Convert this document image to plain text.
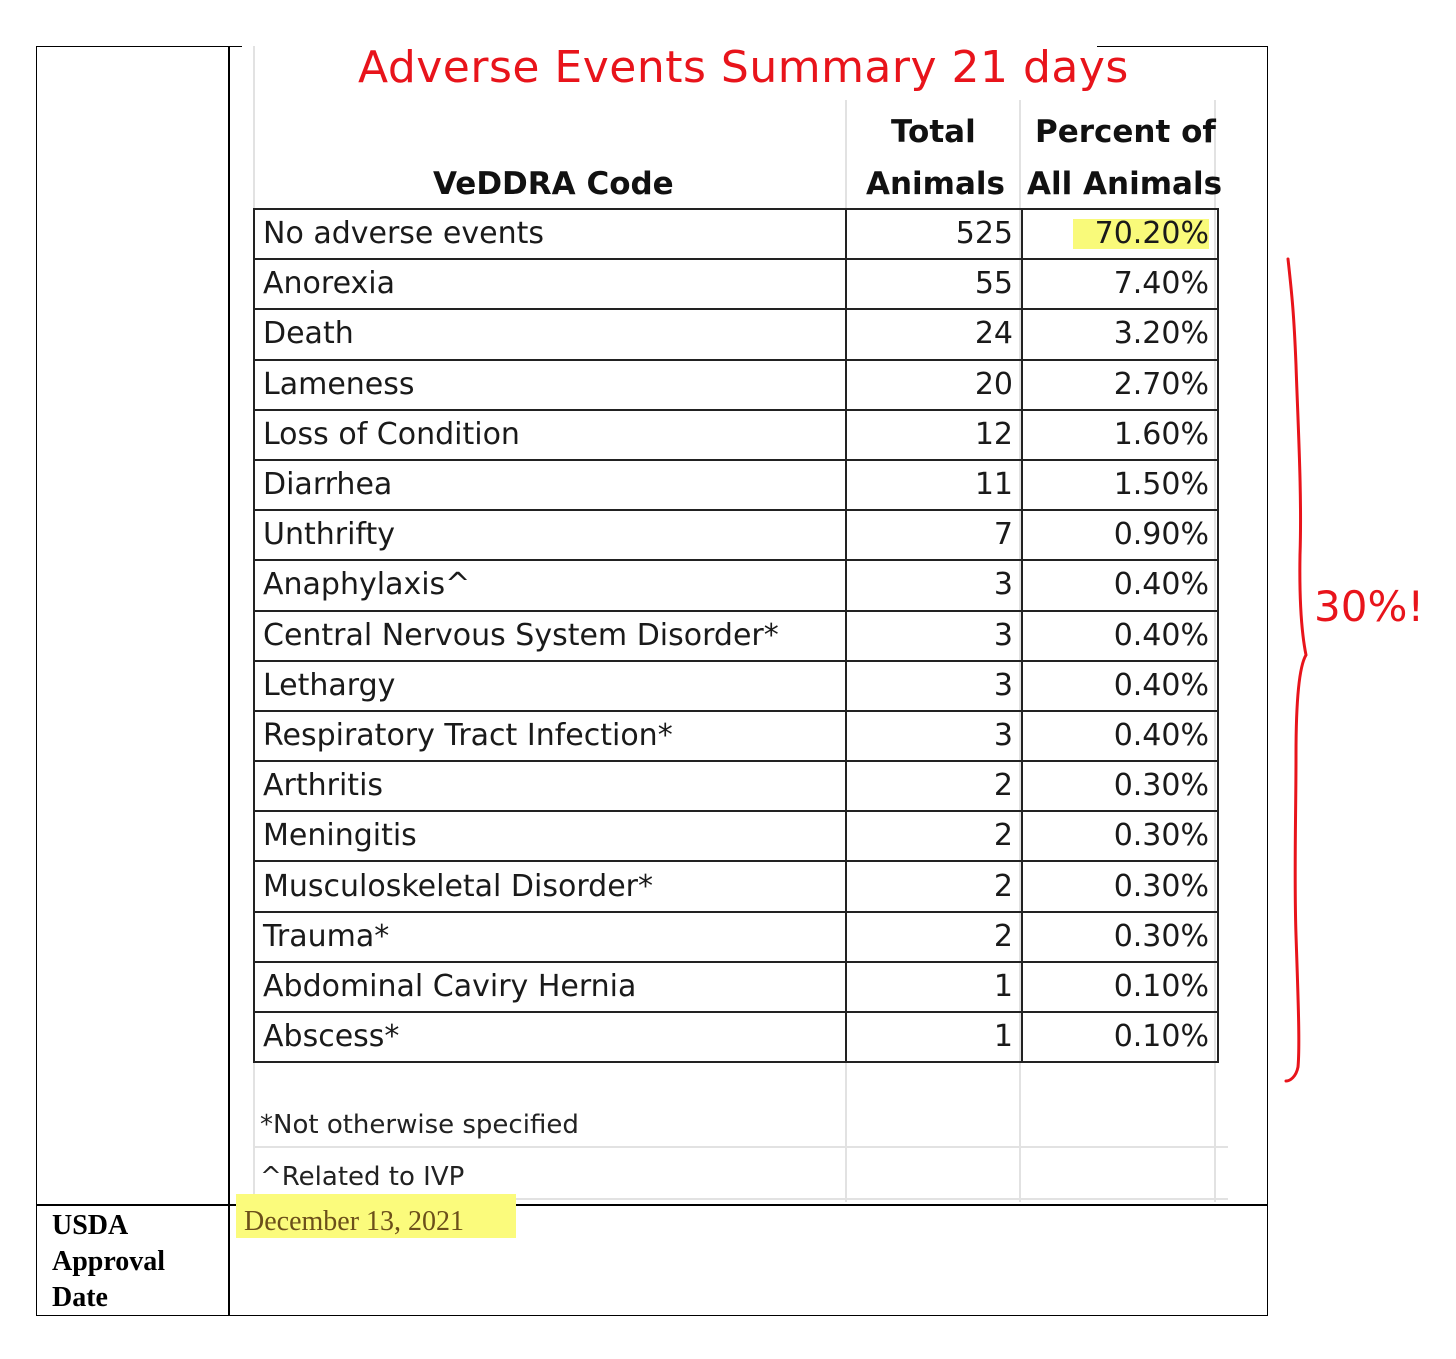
Adverse Events Summary 21 days
VeDDRA Code
Total
Animals
Percent of
All Animals
No adverse events	525	70.20%
Anorexia	55	7.40%
Death	24	3.20%
Lameness	20	2.70%
Loss of Condition	12	1.60%
Diarrhea	11	1.50%
Unthrifty	7	0.90%
Anaphylaxis^	3	0.40%
Central Nervous System Disorder*	3	0.40%
Lethargy	3	0.40%
Respiratory Tract Infection*	3	0.40%
Arthritis	2	0.30%
Meningitis	2	0.30%
Musculoskeletal Disorder*	2	0.30%
Trauma*	2	0.30%
Abdominal Caviry Hernia	1	0.10%
Abscess*	1	0.10%
*Not otherwise specified
^Related to IVP
USDA
Approval
Date
December 13, 2021
30%!
